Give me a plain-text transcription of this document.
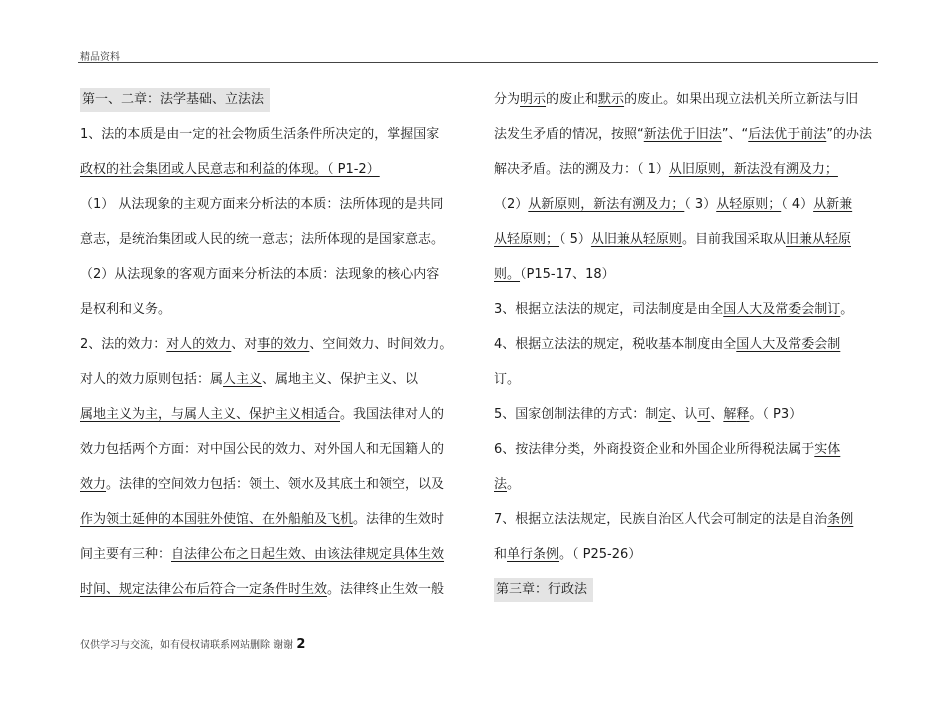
精品资料
第一、二章：法学基础、立法法
1、法的本质是由一定的社会物质生活条件所决定的，掌握国家
政权的社会集团或人民意志和利益的体现。（ P1-2）
（1） 从法现象的主观方面来分析法的本质：法所体现的是共同
意志，是统治集团或人民的统一意志；法所体现的是国家意志。
（2）从法现象的客观方面来分析法的本质：法现象的核心内容
是权利和义务。
2、法的效力：对人的效力、对事的效力、空间效力、时间效力。
对人的效力原则包括：属人主义、属地主义、保护主义、以
属地主义为主，与属人主义、保护主义相适合。我国法律对人的
效力包括两个方面：对中国公民的效力、对外国人和无国籍人的
效力。法律的空间效力包括：领土、领水及其底土和领空，以及
作为领土延伸的本国驻外使馆、在外船舶及飞机。法律的生效时
间主要有三种：自法律公布之日起生效、由该法律规定具体生效
时间、规定法律公布后符合一定条件时生效。法律终止生效一般
分为明示的废止和默示的废止。如果出现立法机关所立新法与旧
法发生矛盾的情况，按照“新法优于旧法”、“后法优于前法”的办法
解决矛盾。法的溯及力：（ 1）从旧原则，新法没有溯及力；
（2）从新原则，新法有溯及力；（ 3）从轻原则；（ 4）从新兼
从轻原则；（ 5）从旧兼从轻原则。目前我国采取从旧兼从轻原
则。（P15-17、18）
3、根据立法法的规定，司法制度是由全国人大及常委会制订。
4、根据立法法的规定，税收基本制度由全国人大及常委会制
订。
5、国家创制法律的方式：制定、认可、解释。（ P3）
6、按法律分类，外商投资企业和外国企业所得税法属于实体
法。
7、根据立法法规定，民族自治区人代会可制定的法是自治条例
和单行条例。（ P25-26）
第三章：行政法
仅供学习与交流，如有侵权请联系网站删除 谢谢 2
